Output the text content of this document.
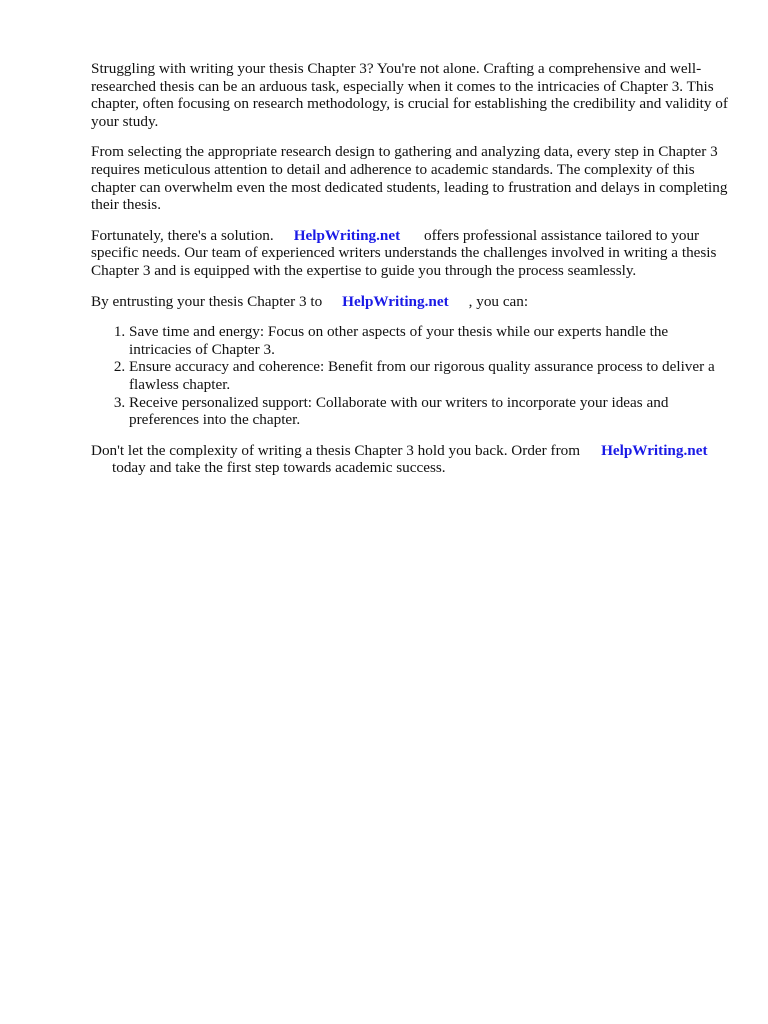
Struggling with writing your thesis Chapter 3? You're not alone. Crafting a comprehensive and well-researched thesis can be an arduous task, especially when it comes to the intricacies of Chapter 3. This chapter, often focusing on research methodology, is crucial for establishing the credibility and validity of your study.

From selecting the appropriate research design to gathering and analyzing data, every step in Chapter 3 requires meticulous attention to detail and adherence to academic standards. The complexity of this chapter can overwhelm even the most dedicated students, leading to frustration and delays in completing their thesis.

Fortunately, there's a solution. HelpWriting.net offers professional assistance tailored to your specific needs. Our team of experienced writers understands the challenges involved in writing a thesis Chapter 3 and is equipped with the expertise to guide you through the process seamlessly.

By entrusting your thesis Chapter 3 to HelpWriting.net , you can:

1. Save time and energy: Focus on other aspects of your thesis while our experts handle the intricacies of Chapter 3.
2. Ensure accuracy and coherence: Benefit from our rigorous quality assurance process to deliver a flawless chapter.
3. Receive personalized support: Collaborate with our writers to incorporate your ideas and preferences into the chapter.

Don't let the complexity of writing a thesis Chapter 3 hold you back. Order from HelpWriting.net today and take the first step towards academic success.
